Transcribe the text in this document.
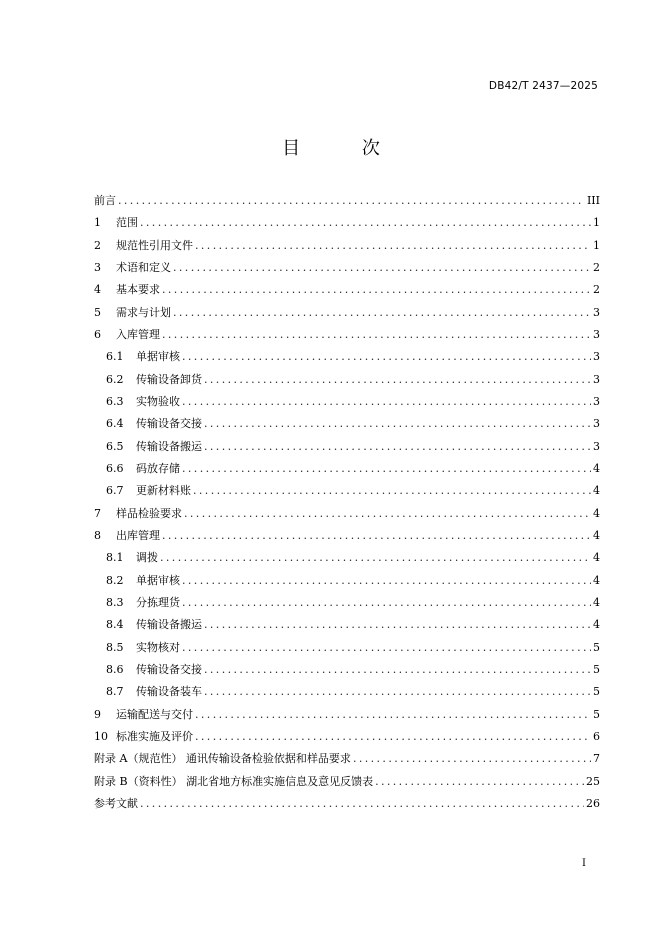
DB42/T 2437—2025
目 次
前言 .....	III
1	范围 .....	1
2	规范性引用文件 .....	1
3	术语和定义 .....	2
4	基本要求 .....	2
5	需求与计划 .....	3
6	入库管理 .....	3
6.1	单据审核 .....	3
6.2	传输设备卸货 .....	3
6.3	实物验收 .....	3
6.4	传输设备交接 .....	3
6.5	传输设备搬运 .....	3
6.6	码放存储 .....	4
6.7	更新材料账 .....	4
7	样品检验要求 .....	4
8	出库管理 .....	4
8.1	调拨 .....	4
8.2	单据审核 .....	4
8.3	分拣理货 .....	4
8.4	传输设备搬运 .....	4
8.5	实物核对 .....	5
8.6	传输设备交接 .....	5
8.7	传输设备装车 .....	5
9	运输配送与交付 .....	5
10 标准实施及评价 .....	6
附录 A（规范性） 通讯传输设备检验依据和样品要求 .....	7
附录 B（资料性） 湖北省地方标准实施信息及意见反馈表 .....	25
参考文献 .....	26
I
